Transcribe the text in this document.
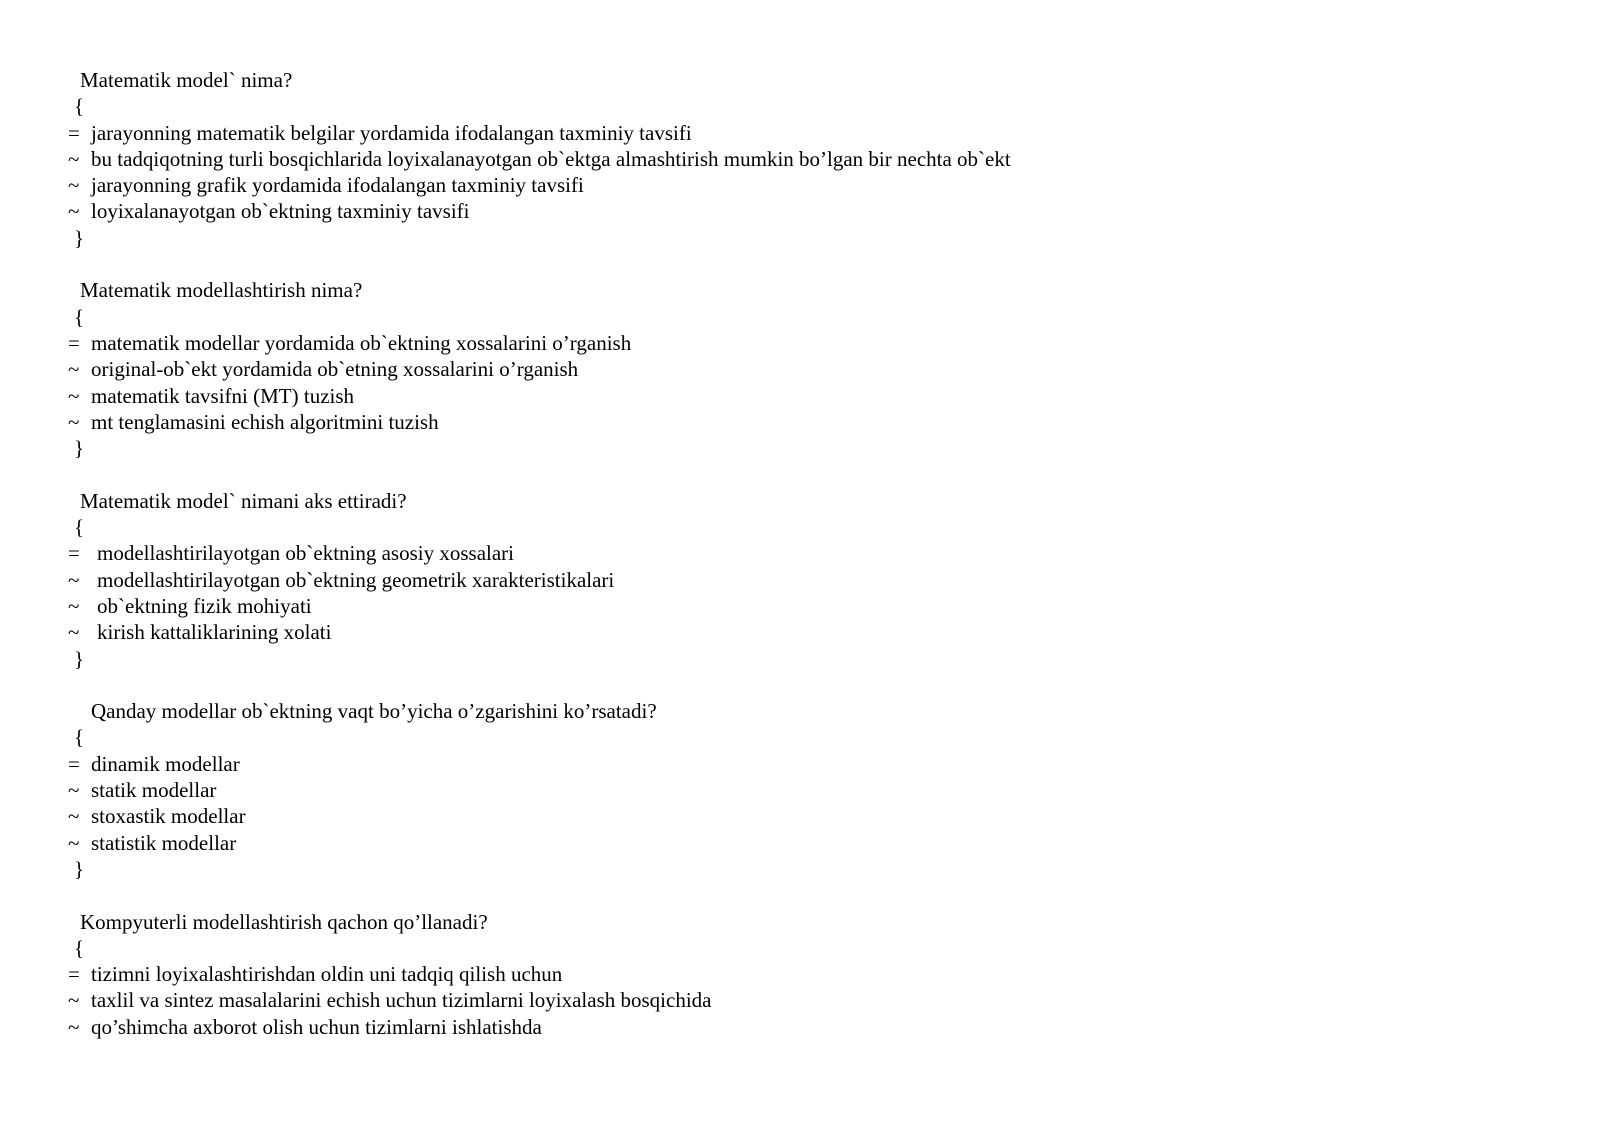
Matematik model` nima?
{
= jarayonning matematik belgilar yordamida ifodalangan taxminiy tavsifi
~ bu tadqiqotning turli bosqichlarida loyixalanayotgan ob`ektga almashtirish mumkin bo’lgan bir nechta ob`ekt
~ jarayonning grafik yordamida ifodalangan taxminiy tavsifi
~ loyixalanayotgan ob`ektning taxminiy tavsifi
}
Matematik modellashtirish nima?
{
= matematik modellar yordamida ob`ektning xossalarini o’rganish
~ original-ob`ekt yordamida ob`etning xossalarini o’rganish
~ matematik tavsifni (MT) tuzish
~ mt tenglamasini echish algoritmini tuzish
}
Matematik model` nimani aks ettiradi?
{
= modellashtirilayotgan ob`ektning asosiy xossalari
~ modellashtirilayotgan ob`ektning geometrik xarakteristikalari
~ ob`ektning fizik mohiyati
~ kirish kattaliklarining xolati
}
Qanday modellar ob`ektning vaqt bo’yicha o’zgarishini ko’rsatadi?
{
= dinamik modellar
~ statik modellar
~ stoxastik modellar
~ statistik modellar
}
Kompyuterli modellashtirish qachon qo’llanadi?
{
= tizimni loyixalashtirishdan oldin uni tadqiq qilish uchun
~ taxlil va sintez masalalarini echish uchun tizimlarni loyixalash bosqichida
~ qo’shimcha axborot olish uchun tizimlarni ishlatishda
